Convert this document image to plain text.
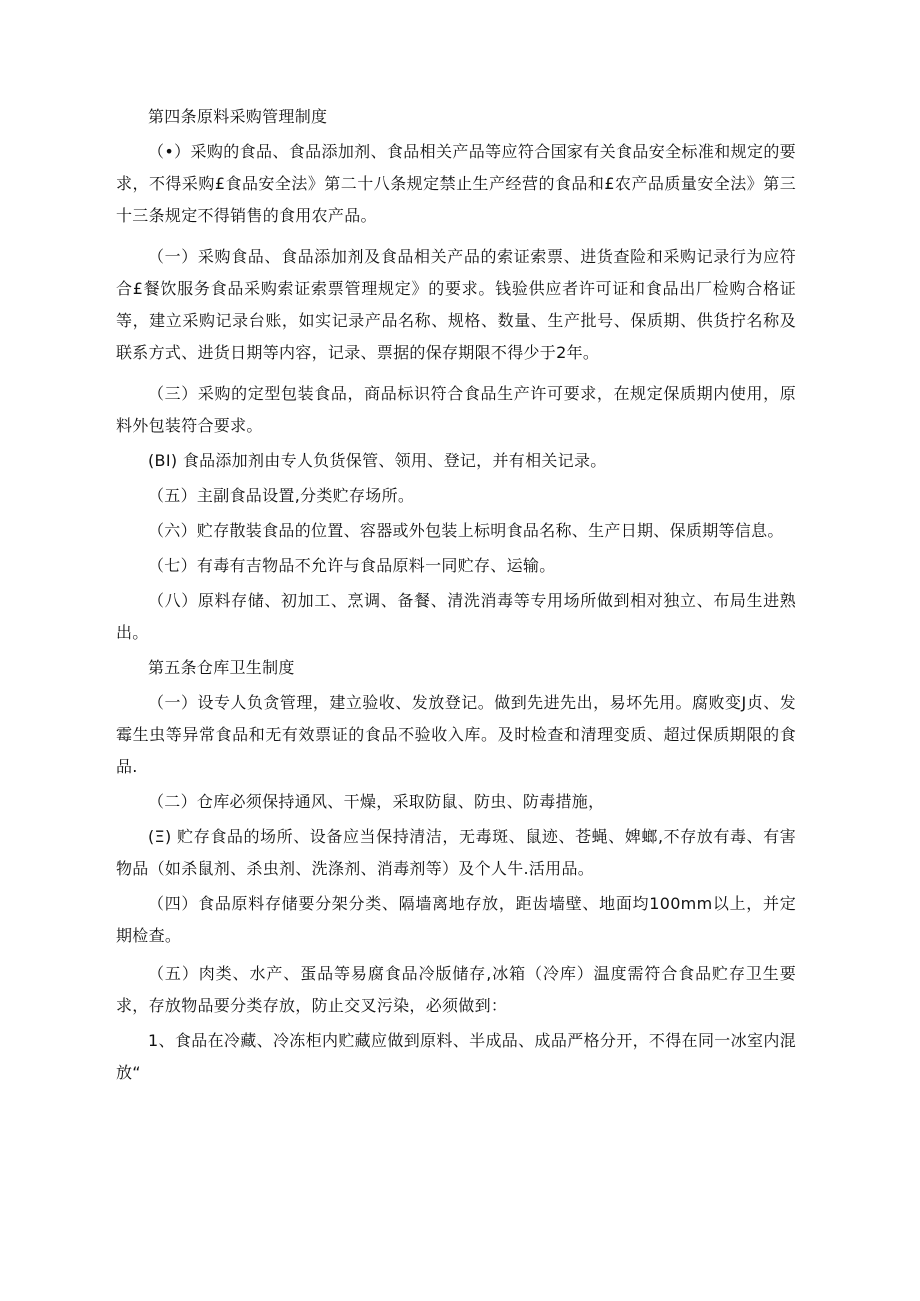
第四条原料采购管理制度

（•）采购的食品、食品添加剂、食品相关产品等应符合国家有关食品安全标准和规定的要求，不得采购£食品安全法》第二十八条规定禁止生产经营的食品和£农产品质量安全法》第三十三条规定不得销售的食用农产品。

（一）采购食品、食品添加剂及食品相关产品的索证索票、进货查险和采购记录行为应符合£餐饮服务食品采购索证索票管理规定》的要求。钱验供应者许可证和食品出厂检购合格证等，建立采购记录台账，如实记录产品名称、规格、数量、生产批号、保质期、供货拧名称及联系方式、进货日期等内容，记录、票据的保存期限不得少于2年。

（三）采购的定型包装食品，商品标识符合食品生产许可要求，在规定保质期内使用，原料外包装符合要求。

(BI) 食品添加剂由专人负货保管、领用、登记，并有相关记录。

（五）主副食品设置,分类贮存场所。

（六）贮存散装食品的位置、容器或外包装上标明食品名称、生产日期、保质期等信息。

（七）有毒有吉物品不允许与食品原料一同贮存、运输。

（八）原料存储、初加工、烹调、备餐、清洗消毒等专用场所做到相对独立、布局生进熟出。

第五条仓库卫生制度

（一）设专人负贪管理，建立验收、发放登记。做到先进先出，易坏先用。腐败变J贞、发霉生虫等异常食品和无有效票证的食品不验收入库。及时检查和清理变质、超过保质期限的食品.

（二）仓库必须保持通风、干燥，采取防鼠、防虫、防毒措施，

(Ξ) 贮存食品的场所、设备应当保持清洁，无毒斑、鼠迹、苍蝇、婢螂,不存放有毒、有害物品（如杀鼠剂、杀虫剂、洗涤剂、消毒剂等）及个人牛.活用品。

（四）食品原料存储要分架分类、隔墙离地存放，距齿墙壁、地面均100mm以上，并定期检查。

（五）肉类、水产、蛋品等易腐食品冷版储存,冰箱（冷库）温度需符合食品贮存卫生要求，存放物品要分类存放，防止交叉污染，必须做到：

1、食品在冷藏、冷冻柜内贮藏应做到原料、半成品、成品严格分开，不得在同一冰室内混放“
